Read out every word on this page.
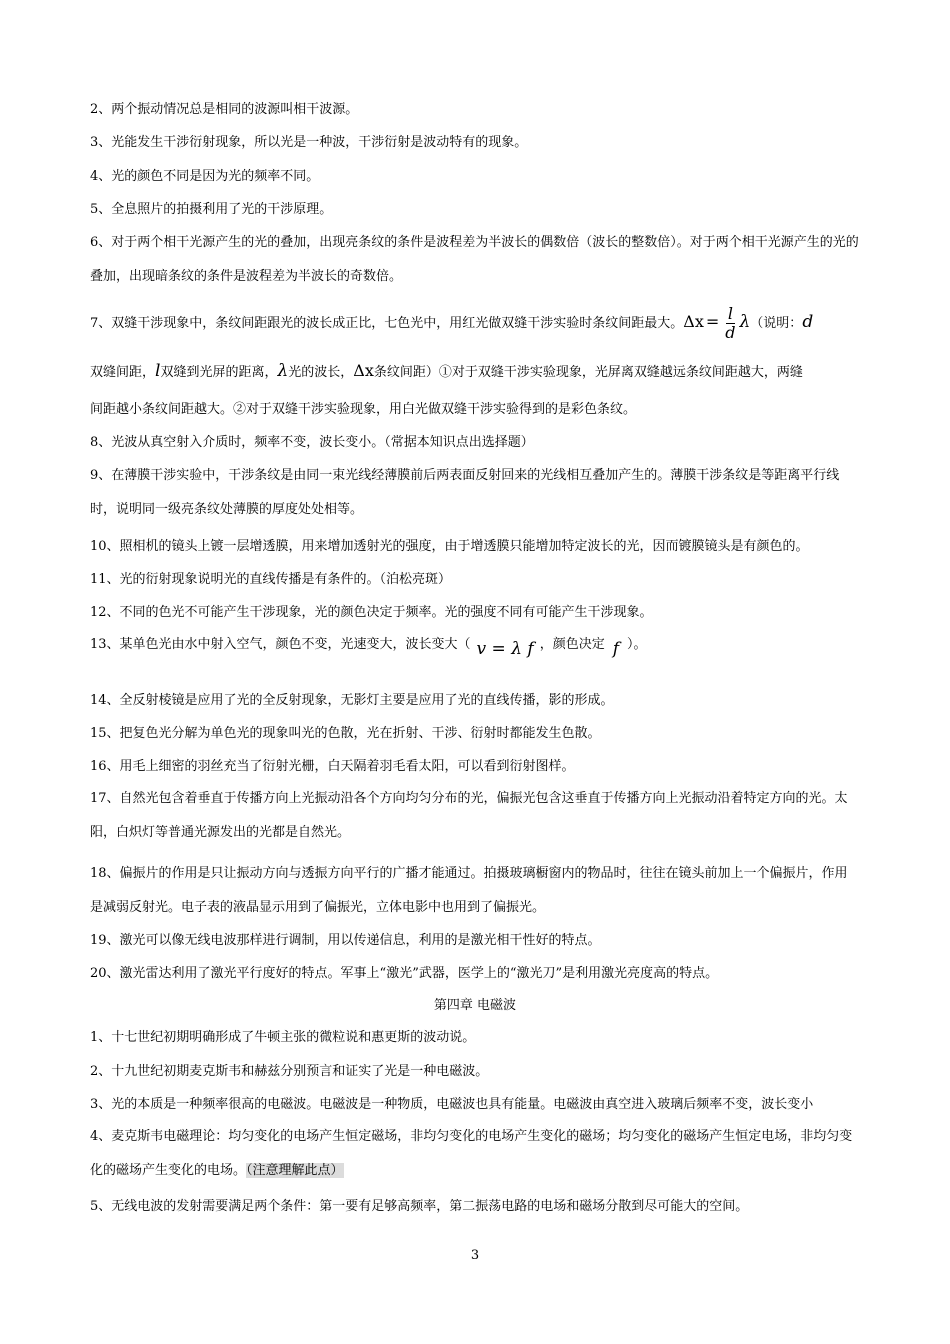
2、两个振动情况总是相同的波源叫相干波源。
3、光能发生干涉衍射现象，所以光是一种波，干涉衍射是波动特有的现象。
4、光的颜色不同是因为光的频率不同。
5、全息照片的拍摄利用了光的干涉原理。
6、对于两个相干光源产生的光的叠加，出现亮条纹的条件是波程差为半波长的偶数倍（波长的整数倍）。对于两个相干光源产生的光的叠加，出现暗条纹的条件是波程差为半波长的奇数倍。
7、双缝干涉现象中，条纹间距跟光的波长成正比，七色光中，用红光做双缝干涉实验时条纹间距最大。$\Delta x = \frac{l}{d} \lambda$（说明：d
双缝间距，l双缝到光屏的距离，λ光的波长，Δx条纹间距）①对于双缝干涉实验现象，光屏离双缝越远条纹间距越大，两缝
间距越小条纹间距越大。②对于双缝干涉实验现象，用白光做双缝干涉实验得到的是彩色条纹。
8、光波从真空射入介质时，频率不变，波长变小。（常据本知识点出选择题）
9、在薄膜干涉实验中，干涉条纹是由同一束光线经薄膜前后两表面反射回来的光线相互叠加产生的。薄膜干涉条纹是等距离平行线时，说明同一级亮条纹处薄膜的厚度处处相等。
10、照相机的镜头上镀一层增透膜，用来增加透射光的强度，由于增透膜只能增加特定波长的光，因而镀膜镜头是有颜色的。
11、光的衍射现象说明光的直线传播是有条件的。（泊松亮斑）
12、不同的色光不可能产生干涉现象，光的颜色决定于频率。光的强度不同有可能产生干涉现象。
13、某单色光由水中射入空气，颜色不变，光速变大，波长变大（ v = λ f ，颜色决定 f ）。
14、全反射棱镜是应用了光的全反射现象，无影灯主要是应用了光的直线传播，影的形成。
15、把复色光分解为单色光的现象叫光的色散，光在折射、干涉、衍射时都能发生色散。
16、用毛上细密的羽丝充当了衍射光栅，白天隔着羽毛看太阳，可以看到衍射图样。
17、自然光包含着垂直于传播方向上光振动沿各个方向均匀分布的光，偏振光包含这垂直于传播方向上光振动沿着特定方向的光。太阳，白炽灯等普通光源发出的光都是自然光。
18、偏振片的作用是只让振动方向与透振方向平行的广播才能通过。拍摄玻璃橱窗内的物品时，往往在镜头前加上一个偏振片，作用是减弱反射光。电子表的液晶显示用到了偏振光，立体电影中也用到了偏振光。
19、激光可以像无线电波那样进行调制，用以传递信息，利用的是激光相干性好的特点。
20、激光雷达利用了激光平行度好的特点。军事上“激光”武器，医学上的“激光刀”是利用激光亮度高的特点。
第四章 电磁波
1、十七世纪初期明确形成了牛顿主张的微粒说和惠更斯的波动说。
2、十九世纪初期麦克斯韦和赫兹分别预言和证实了光是一种电磁波。
3、光的本质是一种频率很高的电磁波。电磁波是一种物质，电磁波也具有能量。电磁波由真空进入玻璃后频率不变，波长变小
4、麦克斯韦电磁理论：均匀变化的电场产生恒定磁场，非均匀变化的电场产生变化的磁场；均匀变化的磁场产生恒定电场，非均匀变化的磁场产生变化的电场。（注意理解此点）
5、无线电波的发射需要满足两个条件：第一要有足够高频率，第二振荡电路的电场和磁场分散到尽可能大的空间。
3
